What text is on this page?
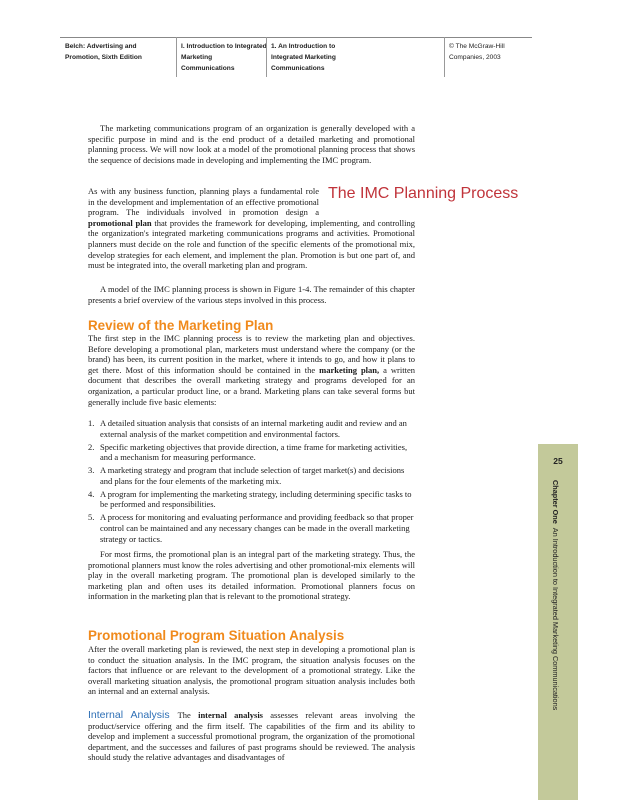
Belch: Advertising and Promotion, Sixth Edition
I. Introduction to Integrated Marketing Communications
1. An Introduction to Integrated Marketing Communications
© The McGraw-Hill Companies, 2003

The marketing communications program of an organization is generally developed with a specific purpose in mind and is the end product of a detailed marketing and promotional planning process. We will now look at a model of the promotional planning process that shows the sequence of decisions made in developing and implementing the IMC program.

The IMC Planning Process

As with any business function, planning plays a fundamental role in the development and implementation of an effective promotional program. The individuals involved in promotion design a promotional plan that provides the framework for developing, implementing, and controlling the organization's integrated marketing communications programs and activities. Promotional planners must decide on the role and function of the specific elements of the promotional mix, develop strategies for each element, and implement the plan. Promotion is but one part of, and must be integrated into, the overall marketing plan and program.

A model of the IMC planning process is shown in Figure 1-4. The remainder of this chapter presents a brief overview of the various steps involved in this process.

Review of the Marketing Plan

The first step in the IMC planning process is to review the marketing plan and objectives. Before developing a promotional plan, marketers must understand where the company (or the brand) has been, its current position in the market, where it intends to go, and how it plans to get there. Most of this information should be contained in the marketing plan, a written document that describes the overall marketing strategy and programs developed for an organization, a particular product line, or a brand. Marketing plans can take several forms but generally include five basic elements:

1. A detailed situation analysis that consists of an internal marketing audit and review and an external analysis of the market competition and environmental factors.
2. Specific marketing objectives that provide direction, a time frame for marketing activities, and a mechanism for measuring performance.
3. A marketing strategy and program that include selection of target market(s) and decisions and plans for the four elements of the marketing mix.
4. A program for implementing the marketing strategy, including determining specific tasks to be performed and responsibilities.
5. A process for monitoring and evaluating performance and providing feedback so that proper control can be maintained and any necessary changes can be made in the overall marketing strategy or tactics.

For most firms, the promotional plan is an integral part of the marketing strategy. Thus, the promotional planners must know the roles advertising and other promotional-mix elements will play in the overall marketing program. The promotional plan is developed similarly to the marketing plan and often uses its detailed information. Promotional planners focus on information in the marketing plan that is relevant to the promotional strategy.

Promotional Program Situation Analysis

After the overall marketing plan is reviewed, the next step in developing a promotional plan is to conduct the situation analysis. In the IMC program, the situation analysis focuses on the factors that influence or are relevant to the development of a promotional strategy. Like the overall marketing situation analysis, the promotional program situation analysis includes both an internal and an external analysis.

Internal Analysis The internal analysis assesses relevant areas involving the product/service offering and the firm itself. The capabilities of the firm and its ability to develop and implement a successful promotional program, the organization of the promotional department, and the successes and failures of past programs should be reviewed. The analysis should study the relative advantages and disadvantages of

25
Chapter OneAn Introduction to Integrated Marketing Communications
